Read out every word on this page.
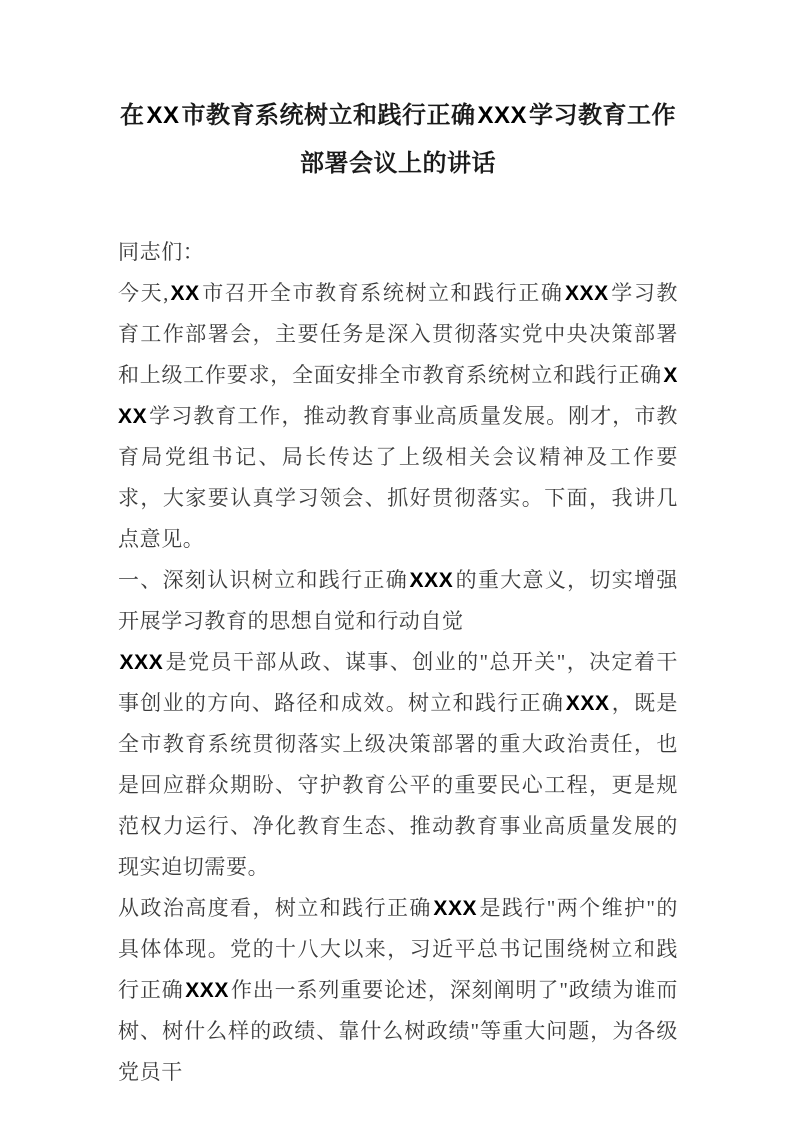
在XX市教育系统树立和践行正确XXX学习教育工作
部署会议上的讲话

同志们：

今天,XX市召开全市教育系统树立和践行正确XXX学习教育工作部署会，主要任务是深入贯彻落实党中央决策部署和上级工作要求，全面安排全市教育系统树立和践行正确XXX学习教育工作，推动教育事业高质量发展。刚才，市教育局党组书记、局长传达了上级相关会议精神及工作要求，大家要认真学习领会、抓好贯彻落实。下面，我讲几点意见。

一、深刻认识树立和践行正确XXX的重大意义，切实增强开展学习教育的思想自觉和行动自觉

XXX是党员干部从政、谋事、创业的"总开关"，决定着干事创业的方向、路径和成效。树立和践行正确XXX，既是全市教育系统贯彻落实上级决策部署的重大政治责任，也是回应群众期盼、守护教育公平的重要民心工程，更是规范权力运行、净化教育生态、推动教育事业高质量发展的现实迫切需要。

从政治高度看，树立和践行正确XXX是践行"两个维护"的具体体现。党的十八大以来，习近平总书记围绕树立和践行正确XXX作出一系列重要论述，深刻阐明了"政绩为谁而树、树什么样的政绩、靠什么树政绩"等重大问题，为各级党员干
